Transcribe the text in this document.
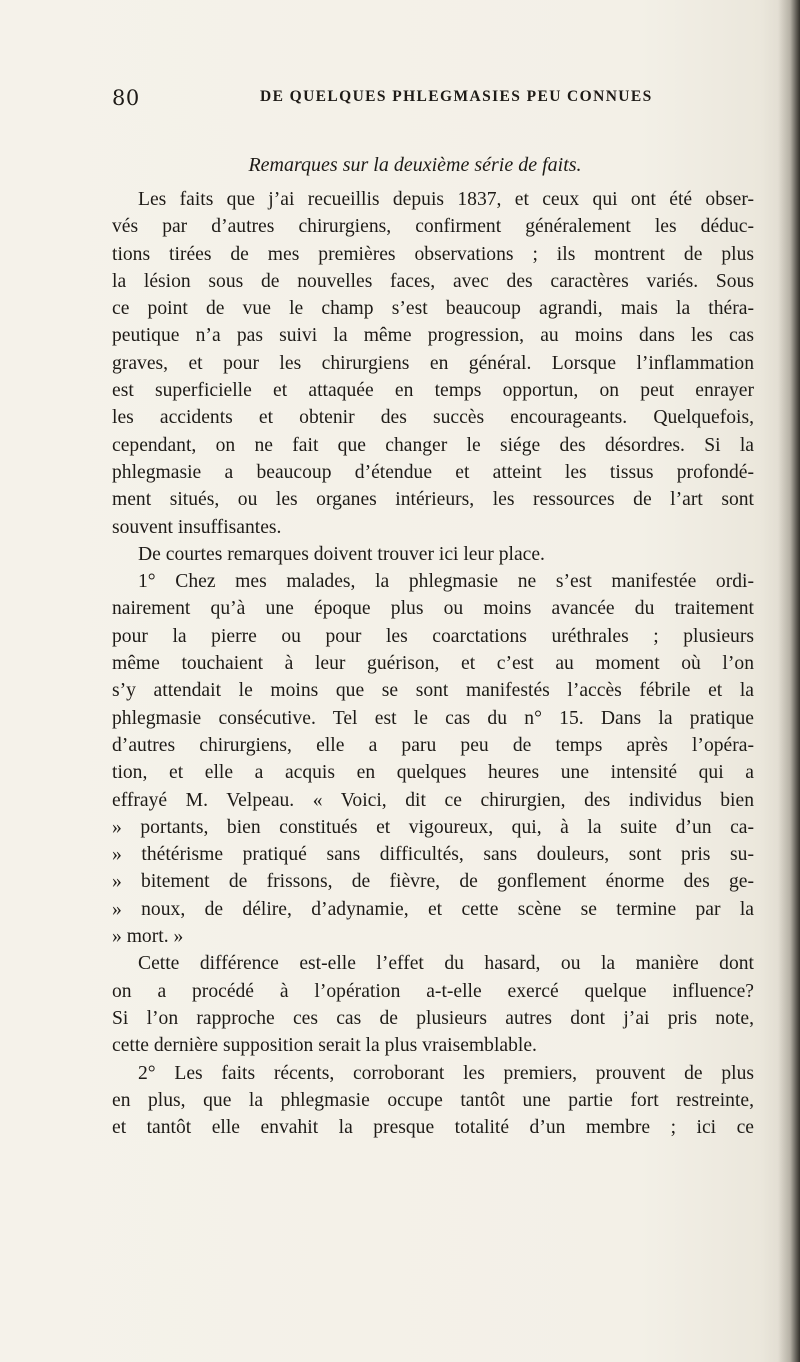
80	DE QUELQUES PHLEGMASIES PEU CONNUES
Remarques sur la deuxième série de faits.
Les faits que j’ai recueillis depuis 1837, et ceux qui ont été obser-
vés par d’autres chirurgiens, confirment généralement les déduc-
tions tirées de mes premières observations ; ils montrent de plus
la lésion sous de nouvelles faces, avec des caractères variés. Sous
ce point de vue le champ s’est beaucoup agrandi, mais la théra-
peutique n’a pas suivi la même progression, au moins dans les cas
graves, et pour les chirurgiens en général. Lorsque l’inflammation
est superficielle et attaquée en temps opportun, on peut enrayer
les accidents et obtenir des succès encourageants. Quelquefois,
cependant, on ne fait que changer le siége des désordres. Si la
phlegmasie a beaucoup d’étendue et atteint les tissus profondé-
ment situés, ou les organes intérieurs, les ressources de l’art sont
souvent insuffisantes.
De courtes remarques doivent trouver ici leur place.
1° Chez mes malades, la phlegmasie ne s’est manifestée ordi-
nairement qu’à une époque plus ou moins avancée du traitement
pour la pierre ou pour les coarctations uréthrales ; plusieurs
même touchaient à leur guérison, et c’est au moment où l’on
s’y attendait le moins que se sont manifestés l’accès fébrile et la
phlegmasie consécutive. Tel est le cas du n° 15. Dans la pratique
d’autres chirurgiens, elle a paru peu de temps après l’opéra-
tion, et elle a acquis en quelques heures une intensité qui a
effrayé M. Velpeau. « Voici, dit ce chirurgien, des individus bien
» portants, bien constitués et vigoureux, qui, à la suite d’un ca-
» thétérisme pratiqué sans difficultés, sans douleurs, sont pris su-
» bitement de frissons, de fièvre, de gonflement énorme des ge-
» noux, de délire, d’adynamie, et cette scène se termine par la
» mort. »
Cette différence est-elle l’effet du hasard, ou la manière dont
on a procédé à l’opération a-t-elle exercé quelque influence?
Si l’on rapproche ces cas de plusieurs autres dont j’ai pris note,
cette dernière supposition serait la plus vraisemblable.
2° Les faits récents, corroborant les premiers, prouvent de plus
en plus, que la phlegmasie occupe tantôt une partie fort restreinte,
et tantôt elle envahit la presque totalité d’un membre ; ici ce
